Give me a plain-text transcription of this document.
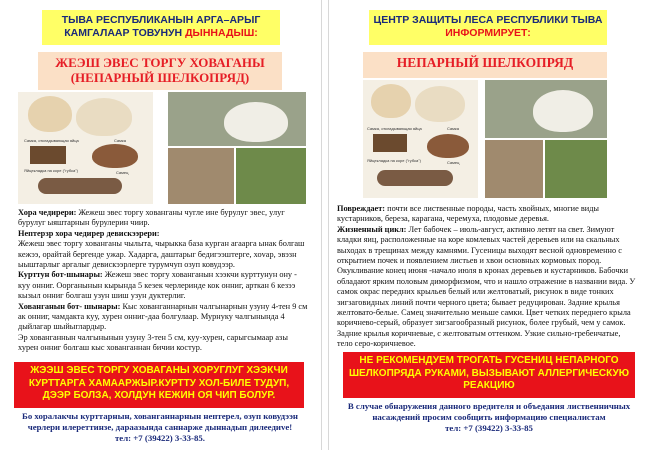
ТЫВА РЕСПУБЛИКАНЫН АРГА–АРЫГ
КАМГАЛААР ТОВУНУН ДЫННАДЫШ:
ЖЕЭШ ЭВЕС ТОРГУ ХОВАГАНЫ
(НЕПАРНЫЙ ШЕЛКОПРЯД)
Самка, откладывающая яйца	Самка
Яйцекладка на коре ("губка")	Самец

Хора чедирери: Жежеш эвес торгу хованганы чугле ине бурулуг эвес, улуг бурулуг ыяштарнын бурулерин чиир.

Нептерзр хора чедирер девискээрери:

Жежеш эвес торгу хованганы чылыта, чырыкка база курган агаарга ынак болгаш кежээ, орайтай бергенде ужар. Хадарга, даштарыг бедигээштерге, хоvар, эвэзн ыыштарлыг аргалыг девискээрлерге турумчуп озуп ковудээр.

Курттун бот-шынары: Жежеш эвес торгу хованганын хээкчи курттунун ону - куу онниг. Оорганынын кырында 5 кезек черлеринде кок онниг, арткан 6 кезээ кызыл онниг болгаш узун шиш узун дуктерлиг.

Хованганын бот- шынары: Кыс хованганнарнын чалгынарнын узуну 4-тен 9 см ак онниг, чамдакта куу, хурен онниг-даа болгулаар. Мурнуку чалгынында 4 дыйлагар шыйыглардыр.

Эр хованганнын чалгынынын узуну 3-тен 5 см, куу-хурен, сарыгсымаар азы хурен онниг болгаш кыс хованганнан бичии костур.

ЖЭЭШ ЭВЕС ТОРГУ ХОВАГАНЫ ХОРУГЛУГ ХЭЭКЧИ КУРТТАРГА ХАМААРЖЫР.КУРТТУ ХОЛ-БИЛЕ ТУДУП, ДЭЭР БОЛЗА, ХОЛДУН КЕЖИН ОЯ ЧИП БОЛУР.
Бо хоралакчы курттарнын, хованганнарнын нептерел, озуп ковудээн черлери илереттинзе, дараазында саннарже дыннадып дилеедиvе!
тел: +7 (39422) 3-33-85.
ЦЕНТР ЗАЩИТЫ ЛЕСА РЕСПУБЛИКИ ТЫВА
ИНФОРМИРУЕТ:
НЕПАРНЫЙ ШЕЛКОПРЯД
Самка, откладывающая яйца	Самка
Яйцекладка на коре ("губка")	Самец

Повреждает: почти все лиственные породы, часть хвойных, многие виды кустарников, береза, карагана, черемуха, плодовые деревья.

Жизненный цикл: Лет бабочек – июль-август, активно летят на свет. Зимуют кладки яиц, расположенные на коре комлевых частей деревьев или на скальных выходах в трещинах между камнями. Гусеницы выходят весной одновременно с открытием почек и появлением листьев и хвои основных кормовых пород. Окукливание конец июня -начало июля в кронах деревьев и кустарников. Бабочки обладают ярким половым диморфизмом, что и нашло отражение в названии вида. У самок окрас передних крыльев белый или желтоватый, рисунок в виде тонких зигзаговидных линий почти черного цвета; бывает редуцирован. Задние крылья желтовато-белые. Самец значительно меньше самки. Цвет четких переднего крыла коричнево-серый, образует зигзагообразный рисунок, более грубый, чем у самок. Задние крылья коричневые, с желтоватым оттенком. Узкие сильно-гребенчатые, тело серо-коричневое.

НЕ РЕКОМЕНДУЕМ ТРОГАТЬ ГУСЕНИЦ НЕПАРНОГО ШЕЛКОПРЯДА РУКАМИ, ВЫЗЫВАЮТ АЛЛЕРГИЧЕСКУЮ РЕАКЦИЮ
В случае обнаружения данного вредителя и объедания лиственничных насаждений просим сообщить информацию специалистам
тел: +7 (39422) 3-33-85
